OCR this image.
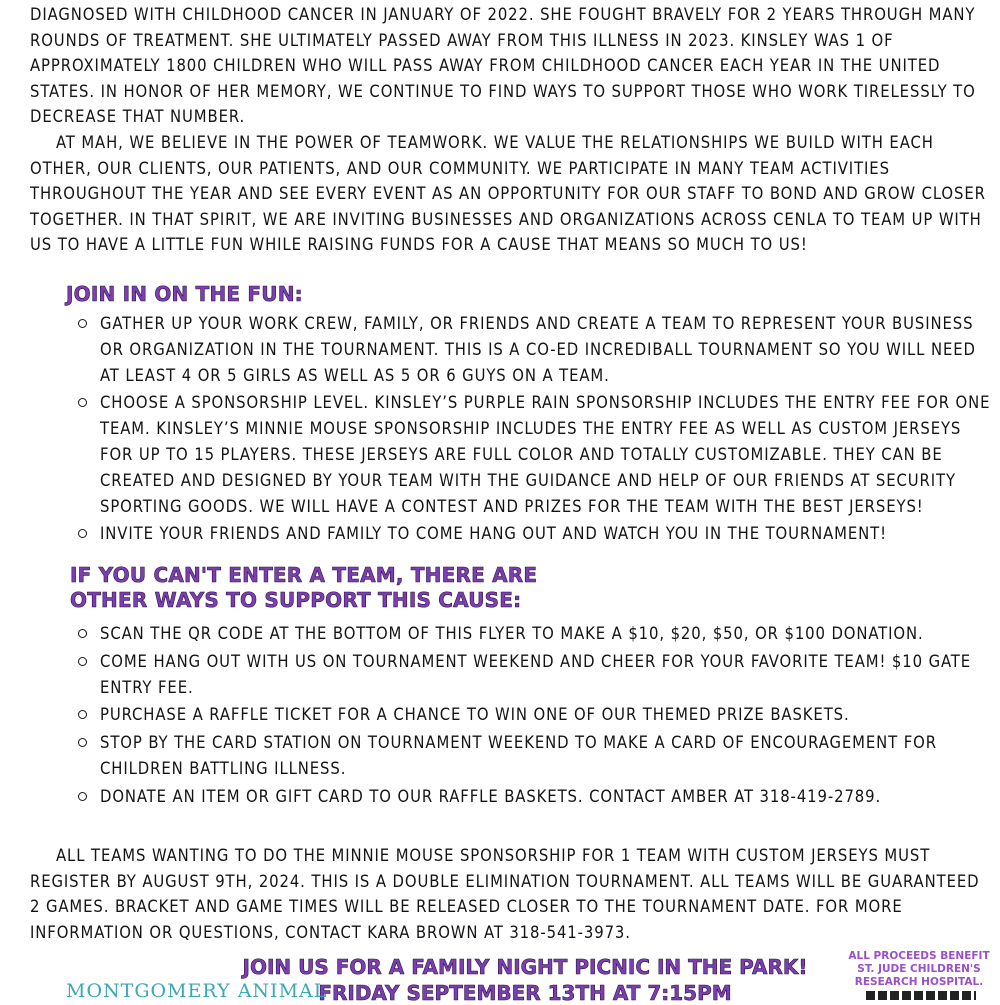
DIAGNOSED WITH CHILDHOOD CANCER IN JANUARY OF 2022. SHE FOUGHT BRAVELY FOR 2 YEARS THROUGH MANY ROUNDS OF TREATMENT. SHE ULTIMATELY PASSED AWAY FROM THIS ILLNESS IN 2023. KINSLEY WAS 1 OF APPROXIMATELY 1800 CHILDREN WHO WILL PASS AWAY FROM CHILDHOOD CANCER EACH YEAR IN THE UNITED STATES. IN HONOR OF HER MEMORY, WE CONTINUE TO FIND WAYS TO SUPPORT THOSE WHO WORK TIRELESSLY TO DECREASE THAT NUMBER.

AT MAH, WE BELIEVE IN THE POWER OF TEAMWORK. WE VALUE THE RELATIONSHIPS WE BUILD WITH EACH OTHER, OUR CLIENTS, OUR PATIENTS, AND OUR COMMUNITY. WE PARTICIPATE IN MANY TEAM ACTIVITIES THROUGHOUT THE YEAR AND SEE EVERY EVENT AS AN OPPORTUNITY FOR OUR STAFF TO BOND AND GROW CLOSER TOGETHER. IN THAT SPIRIT, WE ARE INVITING BUSINESSES AND ORGANIZATIONS ACROSS CENLA TO TEAM UP WITH US TO HAVE A LITTLE FUN WHILE RAISING FUNDS FOR A CAUSE THAT MEANS SO MUCH TO US!

JOIN IN ON THE FUN:
GATHER UP YOUR WORK CREW, FAMILY, OR FRIENDS AND CREATE A TEAM TO REPRESENT YOUR BUSINESS OR ORGANIZATION IN THE TOURNAMENT. THIS IS A CO-ED INCREDIBALL TOURNAMENT SO YOU WILL NEED AT LEAST 4 OR 5 GIRLS AS WELL AS 5 OR 6 GUYS ON A TEAM.
CHOOSE A SPONSORSHIP LEVEL. KINSLEY’S PURPLE RAIN SPONSORSHIP INCLUDES THE ENTRY FEE FOR ONE TEAM. KINSLEY’S MINNIE MOUSE SPONSORSHIP INCLUDES THE ENTRY FEE AS WELL AS CUSTOM JERSEYS FOR UP TO 15 PLAYERS. THESE JERSEYS ARE FULL COLOR AND TOTALLY CUSTOMIZABLE. THEY CAN BE CREATED AND DESIGNED BY YOUR TEAM WITH THE GUIDANCE AND HELP OF OUR FRIENDS AT SECURITY SPORTING GOODS. WE WILL HAVE A CONTEST AND PRIZES FOR THE TEAM WITH THE BEST JERSEYS!
INVITE YOUR FRIENDS AND FAMILY TO COME HANG OUT AND WATCH YOU IN THE TOURNAMENT!
IF YOU CAN'T ENTER A TEAM, THERE ARE
OTHER WAYS TO SUPPORT THIS CAUSE:
SCAN THE QR CODE AT THE BOTTOM OF THIS FLYER TO MAKE A $10, $20, $50, OR $100 DONATION.
COME HANG OUT WITH US ON TOURNAMENT WEEKEND AND CHEER FOR YOUR FAVORITE TEAM! $10 GATE ENTRY FEE.
PURCHASE A RAFFLE TICKET FOR A CHANCE TO WIN ONE OF OUR THEMED PRIZE BASKETS.
STOP BY THE CARD STATION ON TOURNAMENT WEEKEND TO MAKE A CARD OF ENCOURAGEMENT FOR CHILDREN BATTLING ILLNESS.
DONATE AN ITEM OR GIFT CARD TO OUR RAFFLE BASKETS. CONTACT AMBER AT 318-419-2789.

ALL TEAMS WANTING TO DO THE MINNIE MOUSE SPONSORSHIP FOR 1 TEAM WITH CUSTOM JERSEYS MUST REGISTER BY AUGUST 9TH, 2024. THIS IS A DOUBLE ELIMINATION TOURNAMENT. ALL TEAMS WILL BE GUARANTEED 2 GAMES. BRACKET AND GAME TIMES WILL BE RELEASED CLOSER TO THE TOURNAMENT DATE. FOR MORE INFORMATION OR QUESTIONS, CONTACT KARA BROWN AT 318-541-3973.

JOIN US FOR A FAMILY NIGHT PICNIC IN THE PARK!

FRIDAY SEPTEMBER 13TH AT 7:15PM

MONTGOMERY ANIMAL

ALL PROCEEDS BENEFIT ST. JUDE CHILDREN'S RESEARCH HOSPITAL.
